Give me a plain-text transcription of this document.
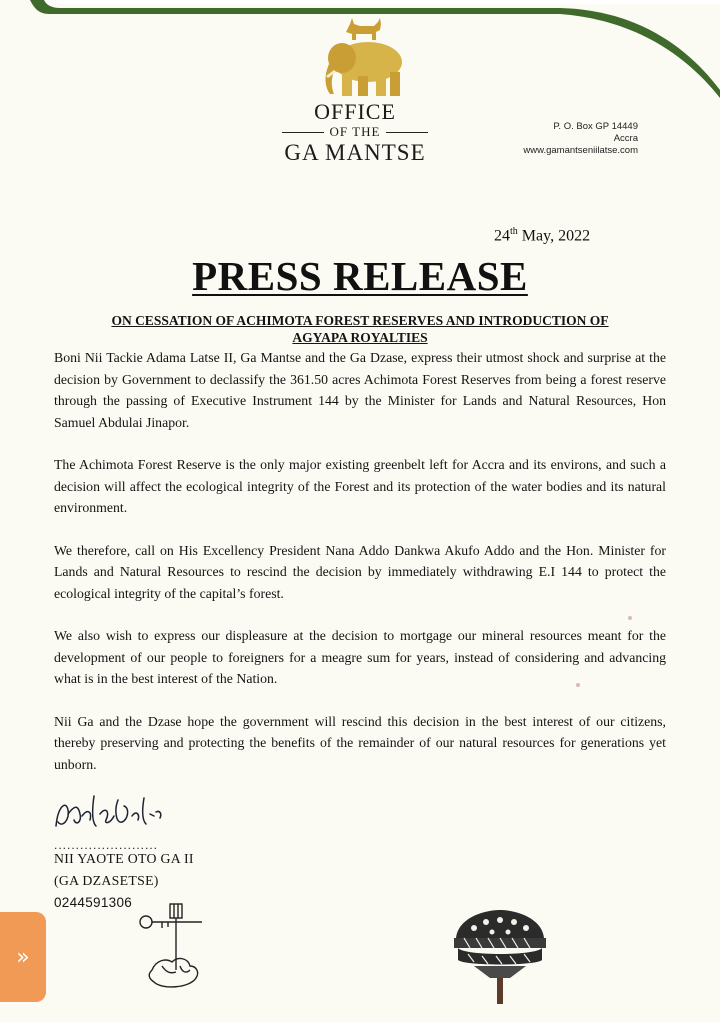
OFFICE
OF THE
GA MANTSE
P. O. Box GP 14449
Accra
www.gamantseniilatse.com
24th May, 2022
PRESS RELEASE
ON CESSATION OF ACHIMOTA FOREST RESERVES AND INTRODUCTION OF
AGYAPA ROYALTIES

Boni Nii Tackie Adama Latse II, Ga Mantse and the Ga Dzase, express their utmost shock and surprise at the decision by Government to declassify the 361.50 acres Achimota Forest Reserves from being a forest reserve through the passing of Executive Instrument 144 by the Minister for Lands and Natural Resources, Hon Samuel Abdulai Jinapor.

The Achimota Forest Reserve is the only major existing greenbelt left for Accra and its environs, and such a decision will affect the ecological integrity of the Forest and its protection of the water bodies and its natural environment.

We therefore, call on His Excellency President Nana Addo Dankwa Akufo Addo and the Hon. Minister for Lands and Natural Resources to rescind the decision by immediately withdrawing E.I 144 to protect the ecological integrity of the capital’s forest.

We also wish to express our displeasure at the decision to mortgage our mineral resources meant for the development of our people to foreigners for a meagre sum for years, instead of considering and advancing what is in the best interest of the Nation.

Nii Ga and the Dzase hope the government will rescind this decision in the best interest of our citizens, thereby preserving and protecting the benefits of the remainder of our natural resources for generations yet unborn.

........................
NII YAOTE OTO GA II
(GA DZASETSE)
0244591306
»
